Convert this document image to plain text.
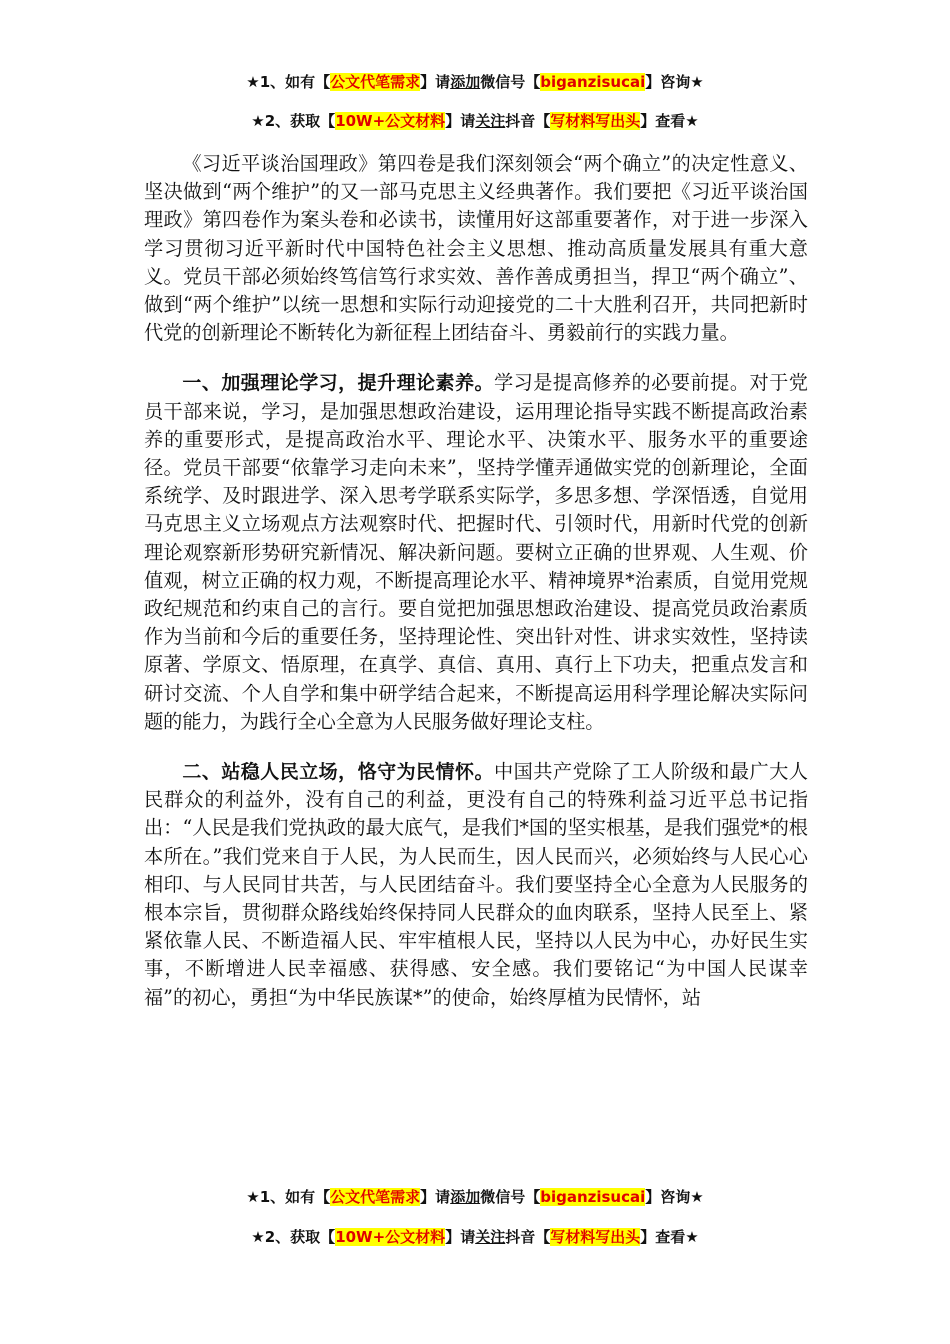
★1、如有【公文代笔需求】请添加微信号【biganzisucai】咨询★
★2、获取【10W+公文材料】请关注抖音【写材料写出头】查看★

《习近平谈治国理政》第四卷是我们深刻领会“两个确立”的决定性意义、坚决做到“两个维护”的又一部马克思主义经典著作。我们要把《习近平谈治国理政》第四卷作为案头卷和必读书，读懂用好这部重要著作，对于进一步深入学习贯彻习近平新时代中国特色社会主义思想、推动高质量发展具有重大意义。党员干部必须始终笃信笃行求实效、善作善成勇担当，捍卫“两个确立”、做到“两个维护”以统一思想和实际行动迎接党的二十大胜利召开，共同把新时代党的创新理论不断转化为新征程上团结奋斗、勇毅前行的实践力量。

一、加强理论学习，提升理论素养。学习是提高修养的必要前提。对于党员干部来说，学习，是加强思想政治建设，运用理论指导实践不断提高政治素养的重要形式，是提高政治水平、理论水平、决策水平、服务水平的重要途径。党员干部要“依靠学习走向未来”，坚持学懂弄通做实党的创新理论，全面系统学、及时跟进学、深入思考学联系实际学，多思多想、学深悟透，自觉用马克思主义立场观点方法观察时代、把握时代、引领时代，用新时代党的创新理论观察新形势研究新情况、解决新问题。要树立正确的世界观、人生观、价值观，树立正确的权力观，不断提高理论水平、精神境界*治素质，自觉用党规政纪规范和约束自己的言行。要自觉把加强思想政治建设、提高党员政治素质作为当前和今后的重要任务，坚持理论性、突出针对性、讲求实效性，坚持读原著、学原文、悟原理，在真学、真信、真用、真行上下功夫，把重点发言和研讨交流、个人自学和集中研学结合起来，不断提高运用科学理论解决实际问题的能力，为践行全心全意为人民服务做好理论支柱。

二、站稳人民立场，恪守为民情怀。中国共产党除了工人阶级和最广大人民群众的利益外，没有自己的利益，更没有自己的特殊利益习近平总书记指出：“人民是我们党执政的最大底气，是我们*国的坚实根基，是我们强党*的根本所在。”我们党来自于人民，为人民而生，因人民而兴，必须始终与人民心心相印、与人民同甘共苦，与人民团结奋斗。我们要坚持全心全意为人民服务的根本宗旨，贯彻群众路线始终保持同人民群众的血肉联系，坚持人民至上、紧紧依靠人民、不断造福人民、牢牢植根人民，坚持以人民为中心，办好民生实事，不断增进人民幸福感、获得感、安全感。我们要铭记“为中国人民谋幸福”的初心，勇担“为中华民族谋*”的使命，始终厚植为民情怀，站

★1、如有【公文代笔需求】请添加微信号【biganzisucai】咨询★
★2、获取【10W+公文材料】请关注抖音【写材料写出头】查看★
